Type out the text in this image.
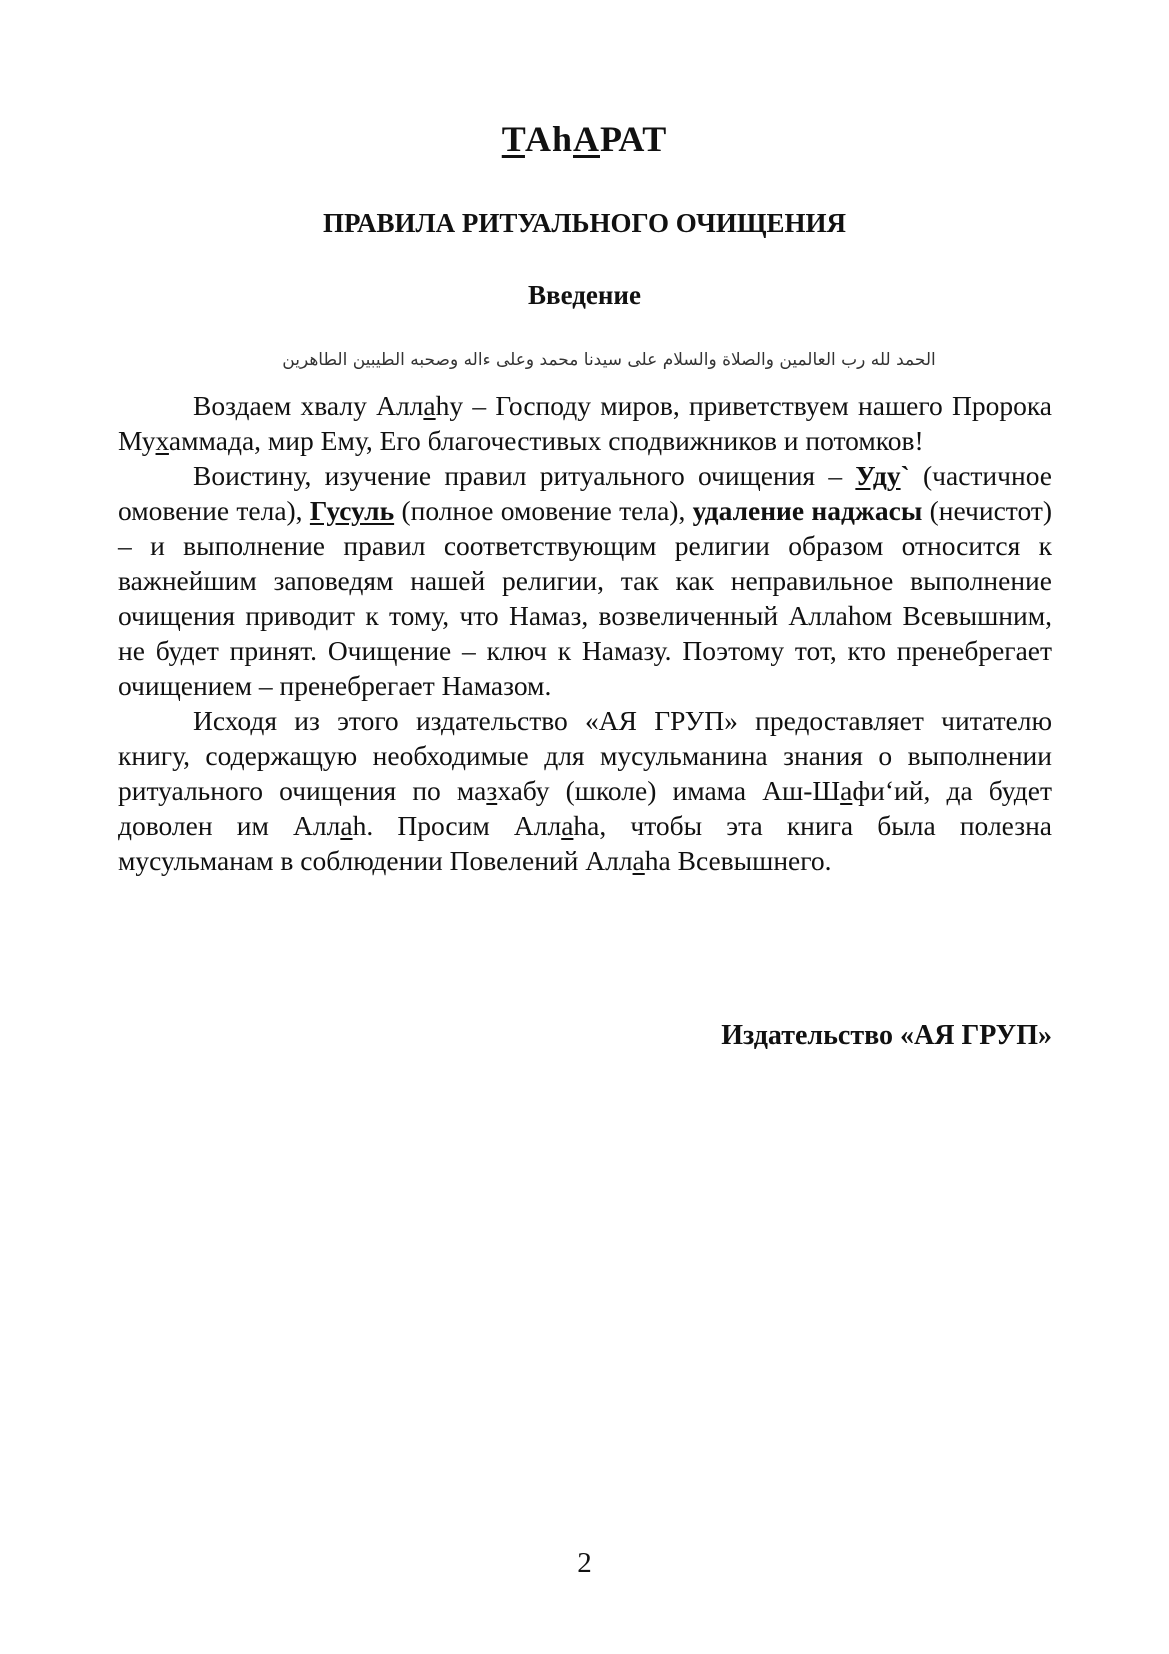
ТАhАРАТ
ПРАВИЛА РИТУАЛЬНОГО ОЧИЩЕНИЯ
Введение
الحمد لله رب العالمين والصلاة والسلام على سيدنا محمد وعلى ءاله وصحبه الطيبين الطاهرين

Воздаем хвалу Аллаhу – Господу миров, приветствуем нашего Пророка Мухаммада, мир Ему, Его благочестивых сподвижников и потомков!

Воистину, изучение правил ритуального очищения – Уду` (частичное омовение тела), Гусуль (полное омовение тела), удаление наджасы (нечистот) – и выполнение правил соответствующим религии образом относится к важнейшим заповедям нашей религии, так как неправильное выполнение очищения приводит к тому, что Намаз, возвеличенный Аллаhом Всевышним, не будет принят. Очищение – ключ к Намазу. Поэтому тот, кто пренебрегает очищением – пренебрегает Намазом.

Исходя из этого издательство «АЯ ГРУП» предоставляет читателю книгу, содержащую необходимые для мусульманина знания о выполнении ритуального очищения по мазхабу (школе) имама Аш-Шафи‘ий, да будет доволен им Аллаh. Просим Аллаhа, чтобы эта книга была полезна мусульманам в соблюдении Повелений Аллаhа Всевышнего.

Издательство «АЯ ГРУП»
2
